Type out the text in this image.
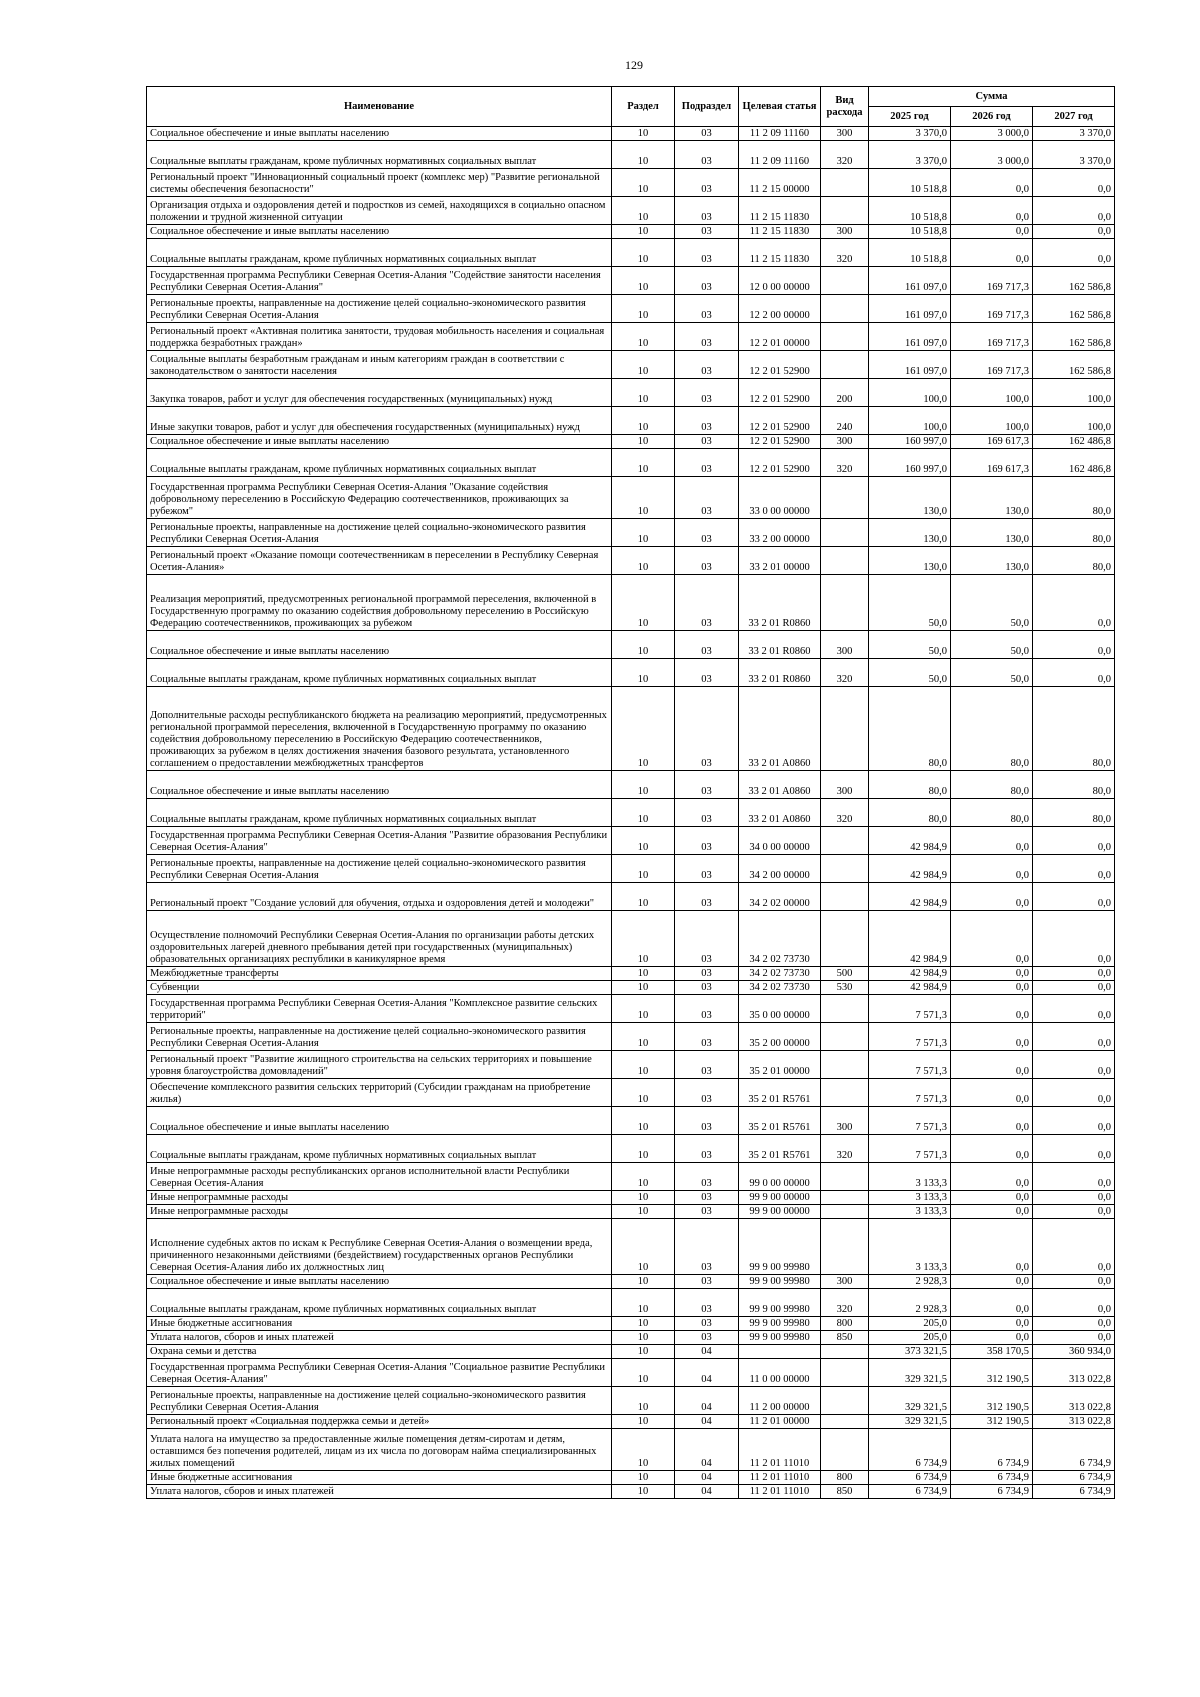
129
Наименование	Раздел	Подраздел	Целевая статья	Вид расхода	Сумма		
					2025 год	2026 год	2027 год
Социальное обеспечение и иные выплаты населению	10	03	11 2 09 11160	300	3 370,0	3 000,0	3 370,0
Социальные выплаты гражданам, кроме публичных нормативных социальных выплат	10	03	11 2 09 11160	320	3 370,0	3 000,0	3 370,0
Региональный проект "Инновационный социальный проект (комплекс мер) "Развитие региональной системы обеспечения безопасности"	10	03	11 2 15 00000		10 518,8	0,0	0,0
Организация отдыха и оздоровления детей и подростков из семей, находящихся в социально опасном положении и трудной жизненной ситуации	10	03	11 2 15 11830		10 518,8	0,0	0,0
Социальное обеспечение и иные выплаты населению	10	03	11 2 15 11830	300	10 518,8	0,0	0,0
Социальные выплаты гражданам, кроме публичных нормативных социальных выплат	10	03	11 2 15 11830	320	10 518,8	0,0	0,0
Государственная программа Республики Северная Осетия-Алания "Содействие занятости населения Республики Северная Осетия-Алания"	10	03	12 0 00 00000		161 097,0	169 717,3	162 586,8
Региональные проекты, направленные на достижение целей социально-экономического развития Республики Северная Осетия-Алания	10	03	12 2 00 00000		161 097,0	169 717,3	162 586,8
Региональный проект «Активная политика занятости, трудовая мобильность населения и социальная поддержка безработных граждан»	10	03	12 2 01 00000		161 097,0	169 717,3	162 586,8
Социальные выплаты безработным гражданам и иным категориям граждан в соответствии с законодательством о занятости населения	10	03	12 2 01 52900		161 097,0	169 717,3	162 586,8
Закупка товаров, работ и услуг для обеспечения государственных (муниципальных) нужд	10	03	12 2 01 52900	200	100,0	100,0	100,0
Иные закупки товаров, работ и услуг для обеспечения государственных (муниципальных) нужд	10	03	12 2 01 52900	240	100,0	100,0	100,0
Социальное обеспечение и иные выплаты населению	10	03	12 2 01 52900	300	160 997,0	169 617,3	162 486,8
Социальные выплаты гражданам, кроме публичных нормативных социальных выплат	10	03	12 2 01 52900	320	160 997,0	169 617,3	162 486,8
Государственная программа Республики Северная Осетия-Алания "Оказание содействия добровольному переселению в Российскую Федерацию соотечественников, проживающих за рубежом"	10	03	33 0 00 00000		130,0	130,0	80,0
Региональные проекты, направленные на достижение целей социально-экономического развития Республики Северная Осетия-Алания	10	03	33 2 00 00000		130,0	130,0	80,0
Региональный проект «Оказание помощи соотечественникам в переселении в Республику Северная Осетия-Алания»	10	03	33 2 01 00000		130,0	130,0	80,0
Реализация мероприятий, предусмотренных региональной программой переселения, включенной в Государственную программу по оказанию содействия добровольному переселению в Российскую Федерацию соотечественников, проживающих за рубежом	10	03	33 2 01 R0860		50,0	50,0	0,0
Социальное обеспечение и иные выплаты населению	10	03	33 2 01 R0860	300	50,0	50,0	0,0
Социальные выплаты гражданам, кроме публичных нормативных социальных выплат	10	03	33 2 01 R0860	320	50,0	50,0	0,0
Дополнительные расходы республиканского бюджета на реализацию мероприятий, предусмотренных региональной программой переселения, включенной в Государственную программу по оказанию содействия добровольному переселению в Российскую Федерацию соотечественников, проживающих за рубежом в целях достижения значения базового результата, установленного соглашением о предоставлении межбюджетных трансфертов	10	03	33 2 01 A0860		80,0	80,0	80,0
Социальное обеспечение и иные выплаты населению	10	03	33 2 01 A0860	300	80,0	80,0	80,0
Социальные выплаты гражданам, кроме публичных нормативных социальных выплат	10	03	33 2 01 A0860	320	80,0	80,0	80,0
Государственная программа Республики Северная Осетия-Алания "Развитие образования Республики Северная Осетия-Алания"	10	03	34 0 00 00000		42 984,9	0,0	0,0
Региональные проекты, направленные на достижение целей социально-экономического развития Республики Северная Осетия-Алания	10	03	34 2 00 00000		42 984,9	0,0	0,0
Региональный проект "Создание условий для обучения, отдыха и оздоровления детей и молодежи"	10	03	34 2 02 00000		42 984,9	0,0	0,0
Осуществление полномочий Республики Северная Осетия-Алания по организации работы детских оздоровительных лагерей дневного пребывания детей при государственных (муниципальных) образовательных организациях республики в каникулярное время	10	03	34 2 02 73730		42 984,9	0,0	0,0
Межбюджетные трансферты	10	03	34 2 02 73730	500	42 984,9	0,0	0,0
Субвенции	10	03	34 2 02 73730	530	42 984,9	0,0	0,0
Государственная программа Республики Северная Осетия-Алания "Комплексное развитие сельских территорий"	10	03	35 0 00 00000		7 571,3	0,0	0,0
Региональные проекты, направленные на достижение целей социально-экономического развития Республики Северная Осетия-Алания	10	03	35 2 00 00000		7 571,3	0,0	0,0
Региональный проект "Развитие жилищного строительства на сельских территориях и повышение уровня благоустройства домовладений"	10	03	35 2 01 00000		7 571,3	0,0	0,0
Обеспечение комплексного развития сельских территорий (Субсидии гражданам на приобретение жилья)	10	03	35 2 01 R5761		7 571,3	0,0	0,0
Социальное обеспечение и иные выплаты населению	10	03	35 2 01 R5761	300	7 571,3	0,0	0,0
Социальные выплаты гражданам, кроме публичных нормативных социальных выплат	10	03	35 2 01 R5761	320	7 571,3	0,0	0,0
Иные непрограммные расходы республиканских органов исполнительной власти Республики Северная Осетия-Алания	10	03	99 0 00 00000		3 133,3	0,0	0,0
Иные непрограммные расходы	10	03	99 9 00 00000		3 133,3	0,0	0,0
Иные непрограммные расходы	10	03	99 9 00 00000		3 133,3	0,0	0,0
Исполнение судебных актов по искам к Республике Северная Осетия-Алания о возмещении вреда, причиненного незаконными действиями (бездействием) государственных органов Республики Северная Осетия-Алания либо их должностных лиц	10	03	99 9 00 99980		3 133,3	0,0	0,0
Социальное обеспечение и иные выплаты населению	10	03	99 9 00 99980	300	2 928,3	0,0	0,0
Социальные выплаты гражданам, кроме публичных нормативных социальных выплат	10	03	99 9 00 99980	320	2 928,3	0,0	0,0
Иные бюджетные ассигнования	10	03	99 9 00 99980	800	205,0	0,0	0,0
Уплата налогов, сборов и иных платежей	10	03	99 9 00 99980	850	205,0	0,0	0,0
Охрана семьи и детства	10	04			373 321,5	358 170,5	360 934,0
Государственная программа Республики Северная Осетия-Алания "Социальное развитие Республики Северная Осетия-Алания"	10	04	11 0 00 00000		329 321,5	312 190,5	313 022,8
Региональные проекты, направленные на достижение целей социально-экономического развития Республики Северная Осетия-Алания	10	04	11 2 00 00000		329 321,5	312 190,5	313 022,8
Региональный проект «Социальная поддержка семьи и детей»	10	04	11 2 01 00000		329 321,5	312 190,5	313 022,8
Уплата налога на имущество за предоставленные жилые помещения детям-сиротам и детям, оставшимся без попечения родителей, лицам из их числа по договорам найма специализированных жилых помещений	10	04	11 2 01 11010		6 734,9	6 734,9	6 734,9
Иные бюджетные ассигнования	10	04	11 2 01 11010	800	6 734,9	6 734,9	6 734,9
Уплата налогов, сборов и иных платежей	10	04	11 2 01 11010	850	6 734,9	6 734,9	6 734,9
